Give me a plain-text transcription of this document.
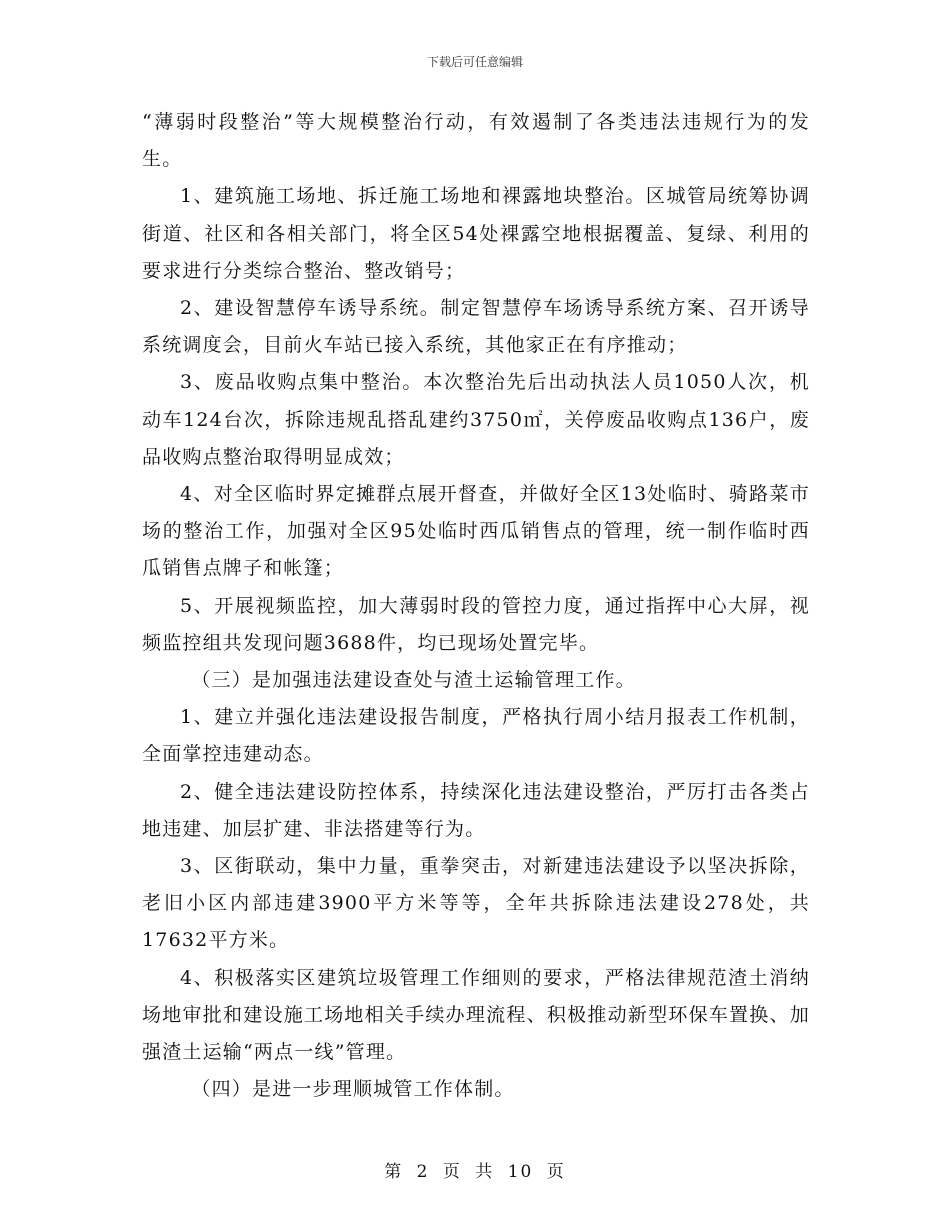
下载后可任意编辑

“薄弱时段整治”等大规模整治行动，有效遏制了各类违法违规行为的发生。

1、建筑施工场地、拆迁施工场地和裸露地块整治。区城管局统筹协调街道、社区和各相关部门，将全区54处裸露空地根据覆盖、复绿、利用的要求进行分类综合整治、整改销号；

2、建设智慧停车诱导系统。制定智慧停车场诱导系统方案、召开诱导系统调度会，目前火车站已接入系统，其他家正在有序推动；

3、废品收购点集中整治。本次整治先后出动执法人员1050人次，机动车124台次，拆除违规乱搭乱建约3750㎡，关停废品收购点136户，废品收购点整治取得明显成效；

4、对全区临时界定摊群点展开督查，并做好全区13处临时、骑路菜市场的整治工作，加强对全区95处临时西瓜销售点的管理，统一制作临时西瓜销售点牌子和帐篷；

5、开展视频监控，加大薄弱时段的管控力度，通过指挥中心大屏，视频监控组共发现问题3688件，均已现场处置完毕。

（三）是加强违法建设查处与渣土运输管理工作。

1、建立并强化违法建设报告制度，严格执行周小结月报表工作机制，全面掌控违建动态。

2、健全违法建设防控体系，持续深化违法建设整治，严厉打击各类占地违建、加层扩建、非法搭建等行为。

3、区街联动，集中力量，重拳突击，对新建违法建设予以坚决拆除，老旧小区内部违建3900平方米等等，全年共拆除违法建设278处，共17632平方米。

4、积极落实区建筑垃圾管理工作细则的要求，严格法律规范渣土消纳场地审批和建设施工场地相关手续办理流程、积极推动新型环保车置换、加强渣土运输“两点一线”管理。

（四）是进一步理顺城管工作体制。

第 2 页 共 10 页
